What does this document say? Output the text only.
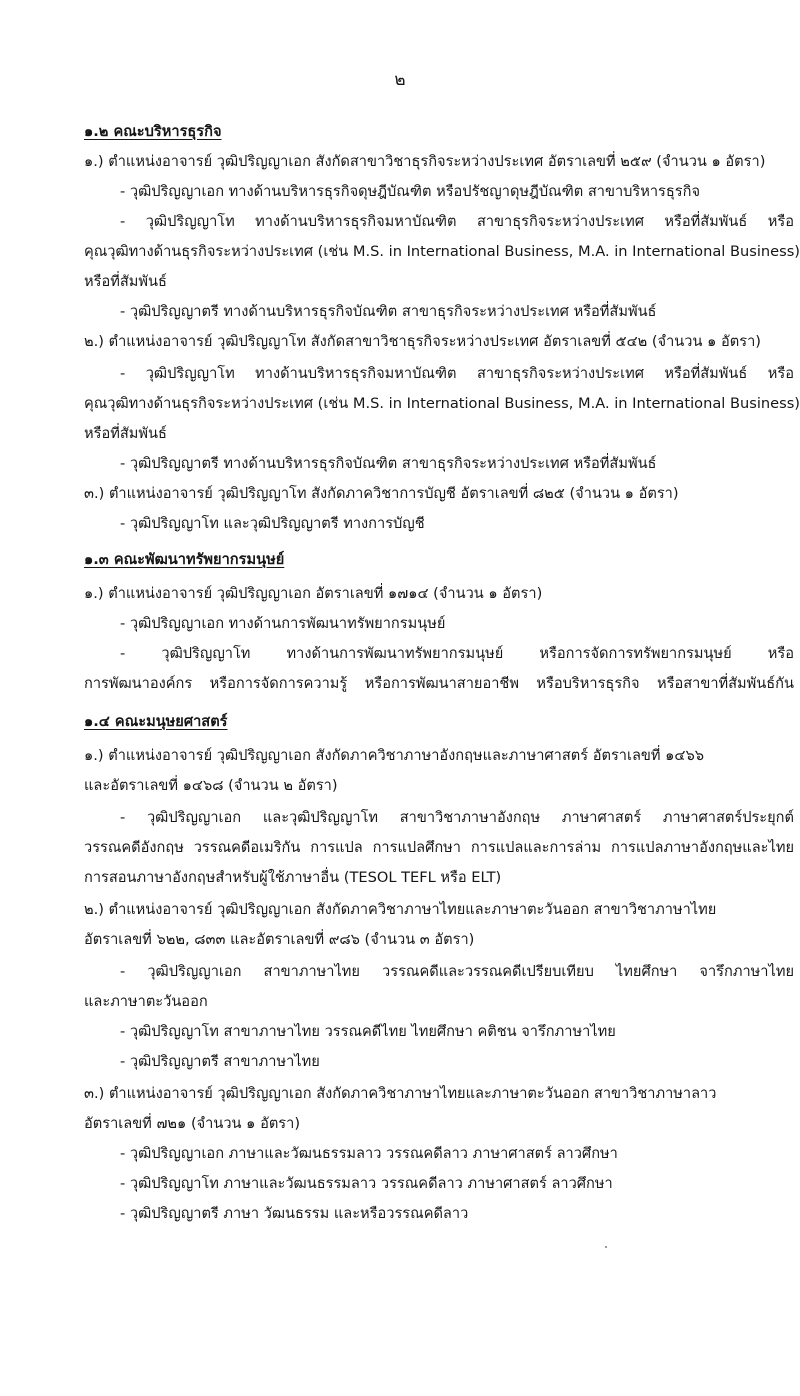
๒
๑.๒ คณะบริหารธุรกิจ
๑.) ตำแหน่งอาจารย์ วุฒิปริญญาเอก สังกัดสาขาวิชาธุรกิจระหว่างประเทศ อัตราเลขที่ ๒๕๙ (จำนวน ๑ อัตรา)
- วุฒิปริญญาเอก ทางด้านบริหารธุรกิจดุษฎีบัณฑิต หรือปรัชญาดุษฎีบัณฑิต สาขาบริหารธุรกิจ
- วุฒิปริญญาโท ทางด้านบริหารธุรกิจมหาบัณฑิต สาขาธุรกิจระหว่างประเทศ หรือที่สัมพันธ์ หรือ
คุณวุฒิทางด้านธุรกิจระหว่างประเทศ (เช่น M.S. in International Business, M.A. in International Business)
หรือที่สัมพันธ์
- วุฒิปริญญาตรี ทางด้านบริหารธุรกิจบัณฑิต สาขาธุรกิจระหว่างประเทศ หรือที่สัมพันธ์
๒.) ตำแหน่งอาจารย์ วุฒิปริญญาโท สังกัดสาขาวิชาธุรกิจระหว่างประเทศ อัตราเลขที่ ๕๔๒ (จำนวน ๑ อัตรา)
- วุฒิปริญญาโท ทางด้านบริหารธุรกิจมหาบัณฑิต สาขาธุรกิจระหว่างประเทศ หรือที่สัมพันธ์ หรือ
คุณวุฒิทางด้านธุรกิจระหว่างประเทศ (เช่น M.S. in International Business, M.A. in International Business)
หรือที่สัมพันธ์
- วุฒิปริญญาตรี ทางด้านบริหารธุรกิจบัณฑิต สาขาธุรกิจระหว่างประเทศ หรือที่สัมพันธ์
๓.) ตำแหน่งอาจารย์ วุฒิปริญญาโท สังกัดภาควิชาการบัญชี อัตราเลขที่ ๘๒๕ (จำนวน ๑ อัตรา)
- วุฒิปริญญาโท และวุฒิปริญญาตรี ทางการบัญชี
๑.๓ คณะพัฒนาทรัพยากรมนุษย์
๑.) ตำแหน่งอาจารย์ วุฒิปริญญาเอก อัตราเลขที่ ๑๗๑๔ (จำนวน ๑ อัตรา)
- วุฒิปริญญาเอก ทางด้านการพัฒนาทรัพยากรมนุษย์
- วุฒิปริญญาโท ทางด้านการพัฒนาทรัพยากรมนุษย์ หรือการจัดการทรัพยากรมนุษย์ หรือ
การพัฒนาองค์กร หรือการจัดการความรู้ หรือการพัฒนาสายอาชีพ หรือบริหารธุรกิจ หรือสาขาที่สัมพันธ์กัน
๑.๔ คณะมนุษยศาสตร์
๑.) ตำแหน่งอาจารย์ วุฒิปริญญาเอก สังกัดภาควิชาภาษาอังกฤษและภาษาศาสตร์ อัตราเลขที่ ๑๔๖๖
และอัตราเลขที่ ๑๔๖๘ (จำนวน ๒ อัตรา)
- วุฒิปริญญาเอก และวุฒิปริญญาโท สาขาวิชาภาษาอังกฤษ ภาษาศาสตร์ ภาษาศาสตร์ประยุกต์
วรรณคดีอังกฤษ วรรณคดีอเมริกัน การแปล การแปลศึกษา การแปลและการล่าม การแปลภาษาอังกฤษและไทย
การสอนภาษาอังกฤษสำหรับผู้ใช้ภาษาอื่น (TESOL TEFL หรือ ELT)
๒.) ตำแหน่งอาจารย์ วุฒิปริญญาเอก สังกัดภาควิชาภาษาไทยและภาษาตะวันออก สาขาวิชาภาษาไทย
อัตราเลขที่ ๖๒๒, ๘๓๓ และอัตราเลขที่ ๙๘๖ (จำนวน ๓ อัตรา)
- วุฒิปริญญาเอก สาขาภาษาไทย วรรณคดีและวรรณคดีเปรียบเทียบ ไทยศึกษา จารึกภาษาไทย
และภาษาตะวันออก
- วุฒิปริญญาโท สาขาภาษาไทย วรรณคดีไทย ไทยศึกษา คติชน จารึกภาษาไทย
- วุฒิปริญญาตรี สาขาภาษาไทย
๓.) ตำแหน่งอาจารย์ วุฒิปริญญาเอก สังกัดภาควิชาภาษาไทยและภาษาตะวันออก สาขาวิชาภาษาลาว
อัตราเลขที่ ๗๒๑ (จำนวน ๑ อัตรา)
- วุฒิปริญญาเอก ภาษาและวัฒนธรรมลาว วรรณคดีลาว ภาษาศาสตร์ ลาวศึกษา
- วุฒิปริญญาโท ภาษาและวัฒนธรรมลาว วรรณคดีลาว ภาษาศาสตร์ ลาวศึกษา
- วุฒิปริญญาตรี ภาษา วัฒนธรรม และหรือวรรณคดีลาว
